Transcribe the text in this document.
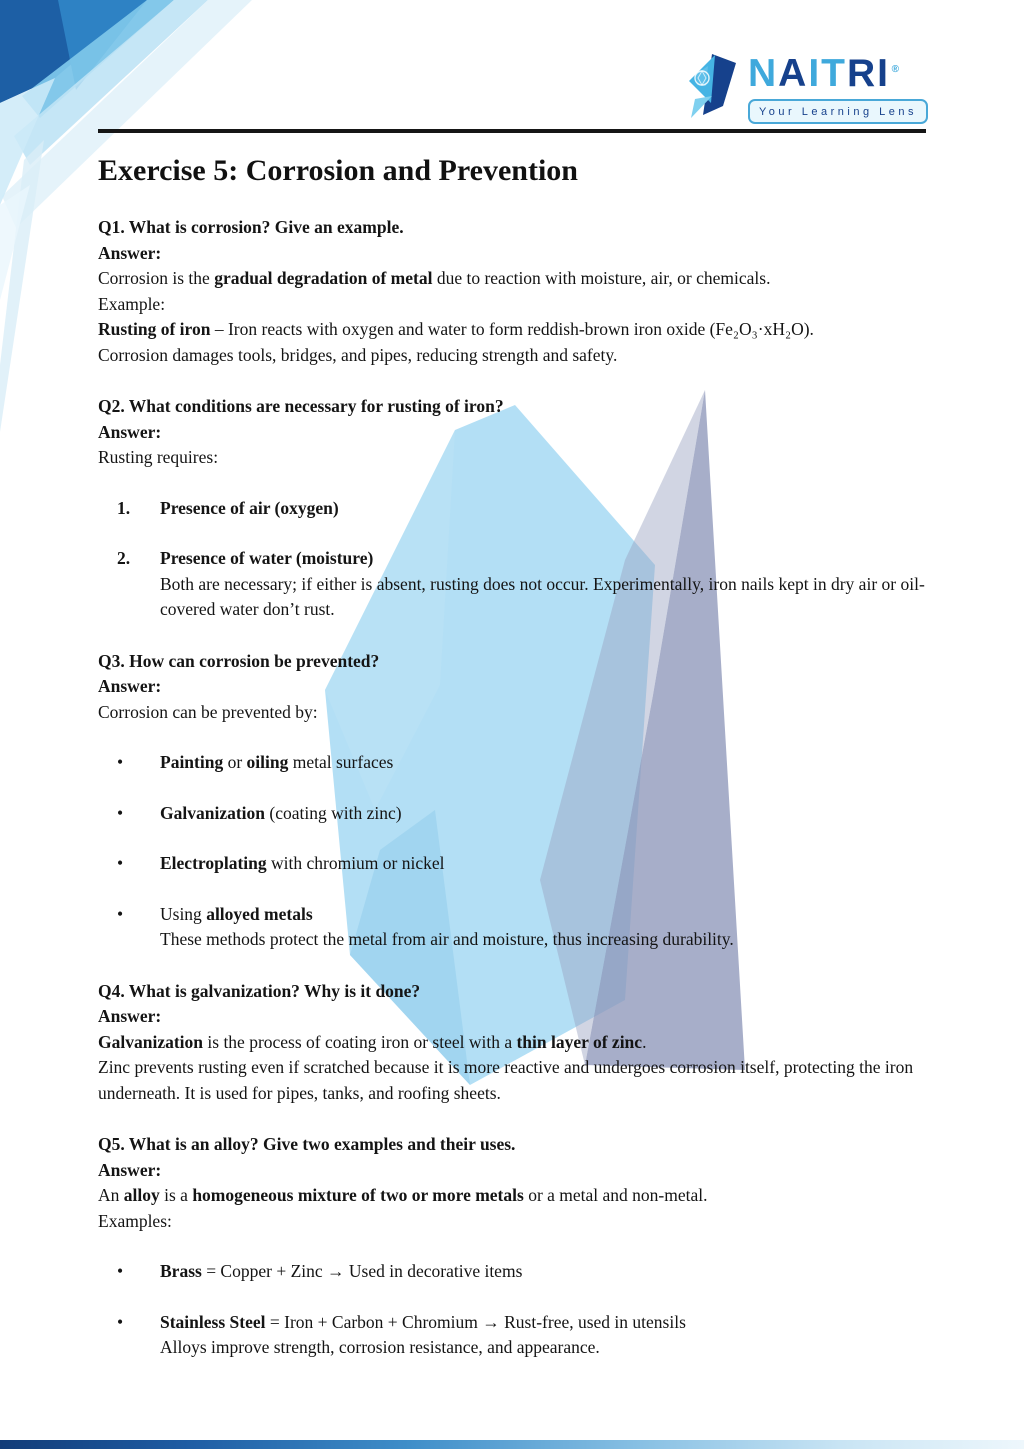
N A I T R I ®
Your Learning Lens
Exercise 5: Corrosion and Prevention
Q1. What is corrosion? Give an example.

Answer:

Corrosion is the gradual degradation of metal due to reaction with moisture, air, or chemicals.

Example:

Rusting of iron – Iron reacts with oxygen and water to form reddish-brown iron oxide (Fe₂O₃·xH₂O).

Corrosion damages tools, bridges, and pipes, reducing strength and safety.

Q2. What conditions are necessary for rusting of iron?

Answer:

Rusting requires:

1.	Presence of air (oxygen)

2.	Presence of water (moisture)

Both are necessary; if either is absent, rusting does not occur. Experimentally, iron nails kept in dry air or oil-covered water don’t rust.

Q3. How can corrosion be prevented?

Answer:

Corrosion can be prevented by:

•	Painting or oiling metal surfaces

•	Galvanization (coating with zinc)

•	Electroplating with chromium or nickel

•	Using alloyed metals

These methods protect the metal from air and moisture, thus increasing durability.

Q4. What is galvanization? Why is it done?

Answer:

Galvanization is the process of coating iron or steel with a thin layer of zinc.

Zinc prevents rusting even if scratched because it is more reactive and undergoes corrosion itself, protecting the iron underneath. It is used for pipes, tanks, and roofing sheets.

Q5. What is an alloy? Give two examples and their uses.

Answer:

An alloy is a homogeneous mixture of two or more metals or a metal and non-metal.

Examples:

•	Brass = Copper + Zinc → Used in decorative items

•	Stainless Steel = Iron + Carbon + Chromium → Rust-free, used in utensils

Alloys improve strength, corrosion resistance, and appearance.
